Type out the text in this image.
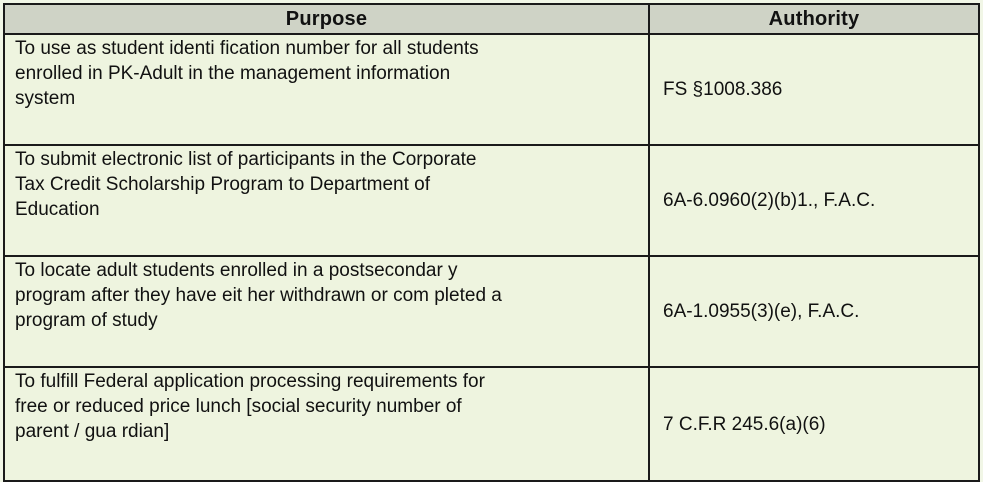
Purpose	Authority

To use as student identi fication number for all students
enrolled in PK-Adult in the management information
system	FS §1008.386

To submit electronic list of participants in the Corporate
Tax Credit Scholarship Program to Department of
Education	6A-6.0960(2)(b)1., F.A.C.

To locate adult students enrolled in a postsecondar y
program after they have eit her withdrawn or com pleted a
program of study	6A-1.0955(3)(e), F.A.C.

To fulfill Federal application processing requirements for
free or reduced price lunch [social security number of
parent / gua rdian]	7 C.F.R 245.6(a)(6)
